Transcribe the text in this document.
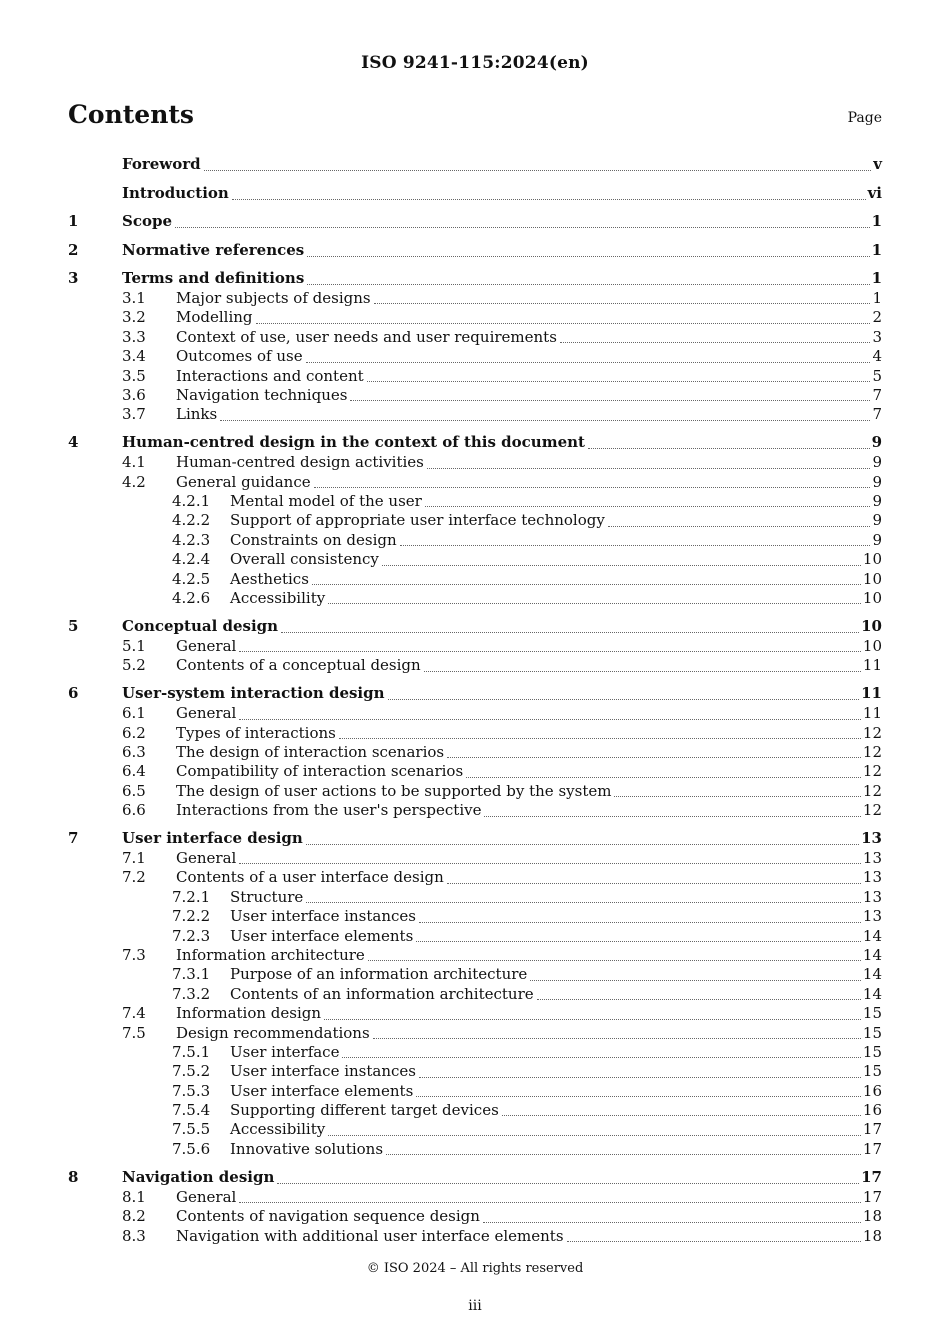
ISO 9241-115:2024(en)
Contents	Page
Foreword	v
Introduction	vi
1	Scope	1
2	Normative references	1
3	Terms and definitions	1
3.1 Major subjects of designs	1
3.2 Modelling	2
3.3 Context of use, user needs and user requirements	3
3.4 Outcomes of use	4
3.5 Interactions and content	5
3.6 Navigation techniques	7
3.7 Links	7
4	Human-centred design in the context of this document	9
4.1 Human-centred design activities	9
4.2 General guidance	9
4.2.1 Mental model of the user	9
4.2.2 Support of appropriate user interface technology	9
4.2.3 Constraints on design	9
4.2.4 Overall consistency	10
4.2.5 Aesthetics	10
4.2.6 Accessibility	10
5	Conceptual design	10
5.1 General	10
5.2 Contents of a conceptual design	11
6	User-system interaction design	11
6.1 General	11
6.2 Types of interactions	12
6.3 The design of interaction scenarios	12
6.4 Compatibility of interaction scenarios	12
6.5 The design of user actions to be supported by the system	12
6.6 Interactions from the user's perspective	12
7	User interface design	13
7.1 General	13
7.2 Contents of a user interface design	13
7.2.1 Structure	13
7.2.2 User interface instances	13
7.2.3 User interface elements	14
7.3 Information architecture	14
7.3.1 Purpose of an information architecture	14
7.3.2 Contents of an information architecture	14
7.4 Information design	15
7.5 Design recommendations	15
7.5.1 User interface	15
7.5.2 User interface instances	15
7.5.3 User interface elements	16
7.5.4 Supporting different target devices	16
7.5.5 Accessibility	17
7.5.6 Innovative solutions	17
8	Navigation design	17
8.1 General	17
8.2 Contents of navigation sequence design	18
8.3 Navigation with additional user interface elements	18
© ISO 2024 – All rights reserved
iii
